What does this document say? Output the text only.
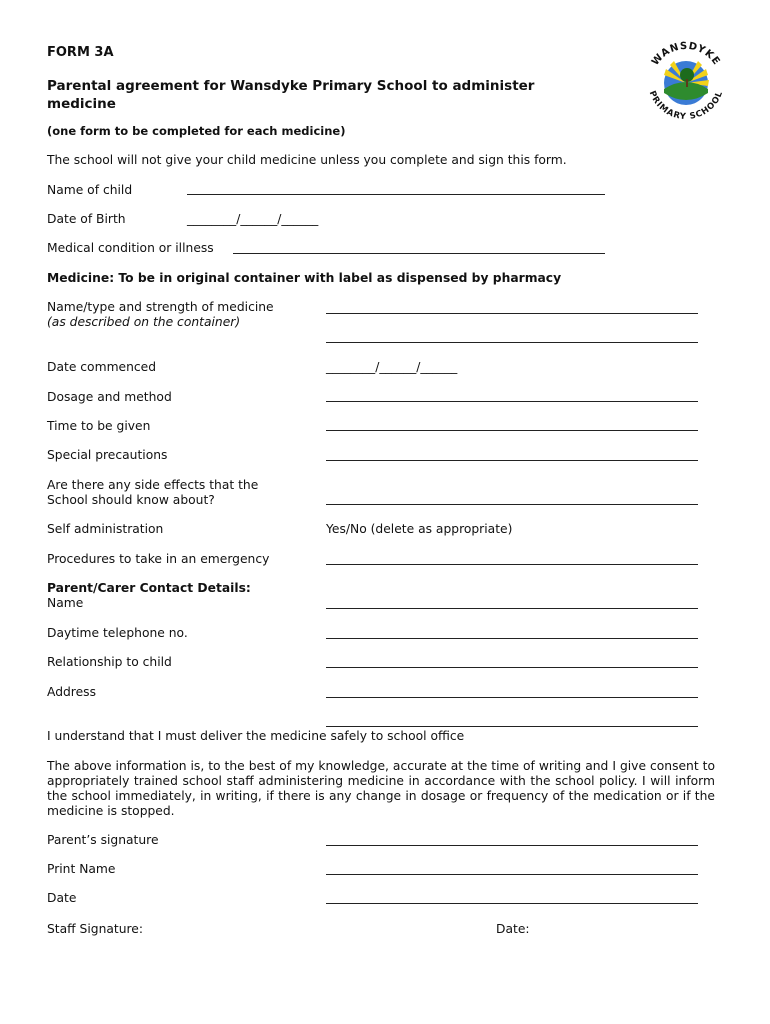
FORM 3A
Parental agreement for Wansdyke Primary School to administer
medicine
(one form to be completed for each medicine)
WANSDYKE
PRIMARY SCHOOL
The school will not give your child medicine unless you complete and sign this form.
Name of child
Date of Birth	________/______/______
Medical condition or illness
Medicine: To be in original container with label as dispensed by pharmacy
Name/type and strength of medicine
(as described on the container)
Date commenced	________/______/______
Dosage and method
Time to be given
Special precautions
Are there any side effects that the
School should know about?
Self administration	Yes/No (delete as appropriate)
Procedures to take in an emergency
Parent/Carer Contact Details:
Name
Daytime telephone no.
Relationship to child
Address
I understand that I must deliver the medicine safely to school office
The above information is, to the best of my knowledge, accurate at the time of writing and I give consent to appropriately trained school staff administering medicine in accordance with the school policy. I will inform the school immediately, in writing, if there is any change in dosage or frequency of the medication or if the medicine is stopped.
Parent’s signature
Print Name
Date
Staff Signature:	Date:
